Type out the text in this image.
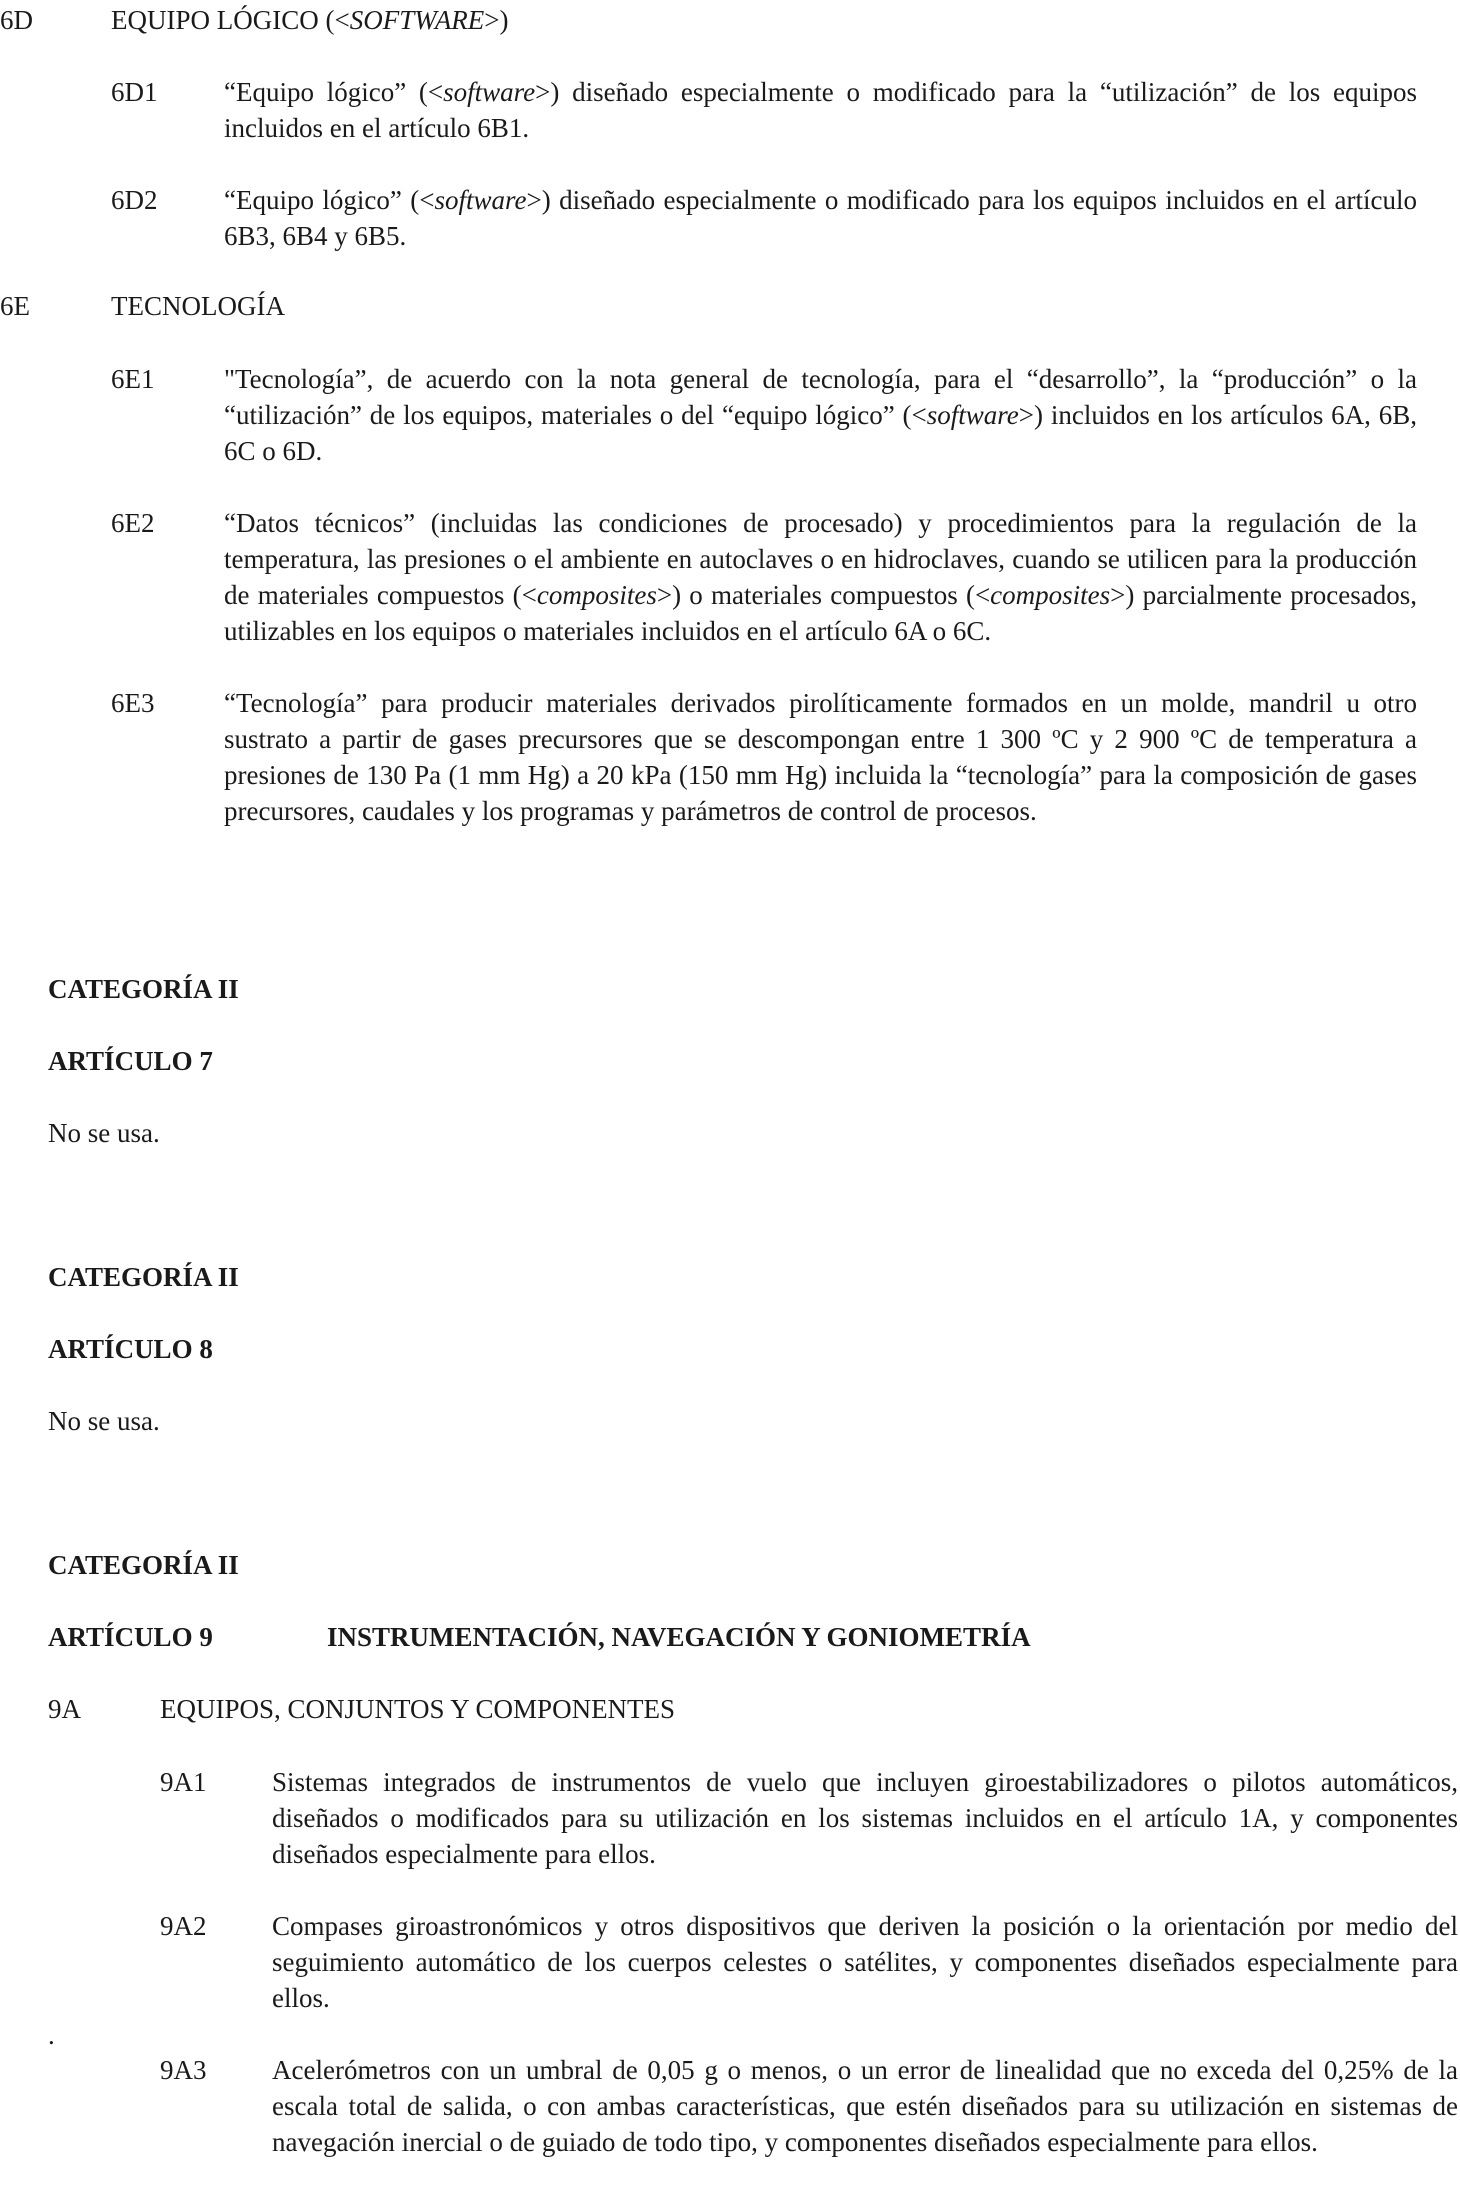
6D	EQUIPO LÓGICO (<SOFTWARE>)
6D1 “Equipo lógico” (<software>) diseñado especialmente o modificado para la “utilización” de los equipos incluidos en el artículo 6B1.
6D2 “Equipo lógico” (<software>) diseñado especialmente o modificado para los equipos incluidos en el artículo 6B3, 6B4 y 6B5.
6E	TECNOLOGÍA
6E1	"Tecnología”, de acuerdo con la nota general de tecnología, para el “desarrollo”, la “producción” o la “utilización” de los equipos, materiales o del “equipo lógico” (<software>) incluidos en los artículos 6A, 6B, 6C o 6D.
6E2	“Datos técnicos” (incluidas las condiciones de procesado) y procedimientos para la regulación de la temperatura, las presiones o el ambiente en autoclaves o en hidroclaves, cuando se utilicen para la producción de materiales compuestos (<composites>) o materiales compuestos (<composites>) parcialmente procesados, utilizables en los equipos o materiales incluidos en el artículo 6A o 6C.
6E3	“Tecnología” para producir materiales derivados pirolíticamente formados en un molde, mandril u otro sustrato a partir de gases precursores que se descompongan entre 1 300 ºC y 2 900 ºC de temperatura a presiones de 130 Pa (1 mm Hg) a 20 kPa (150 mm Hg) incluida la “tecnología” para la composición de gases precursores, caudales y los programas y parámetros de control de procesos.
CATEGORÍA II
ARTÍCULO 7
No se usa.
CATEGORÍA II
ARTÍCULO 8
No se usa.
CATEGORÍA II
ARTÍCULO 9	INSTRUMENTACIÓN, NAVEGACIÓN Y GONIOMETRÍA
9A	EQUIPOS, CONJUNTOS Y COMPONENTES
9A1 Sistemas integrados de instrumentos de vuelo que incluyen giroestabilizadores o pilotos automáticos, diseñados o modificados para su utilización en los sistemas incluidos en el artículo 1A, y componentes diseñados especialmente para ellos.
9A2 Compases giroastronómicos y otros dispositivos que deriven la posición o la orientación por medio del seguimiento automático de los cuerpos celestes o satélites, y componentes diseñados especialmente para ellos.
.
9A3 Acelerómetros con un umbral de 0,05 g o menos, o un error de linealidad que no exceda del 0,25% de la escala total de salida, o con ambas características, que estén diseñados para su utilización en sistemas de navegación inercial o de guiado de todo tipo, y componentes diseñados especialmente para ellos.
